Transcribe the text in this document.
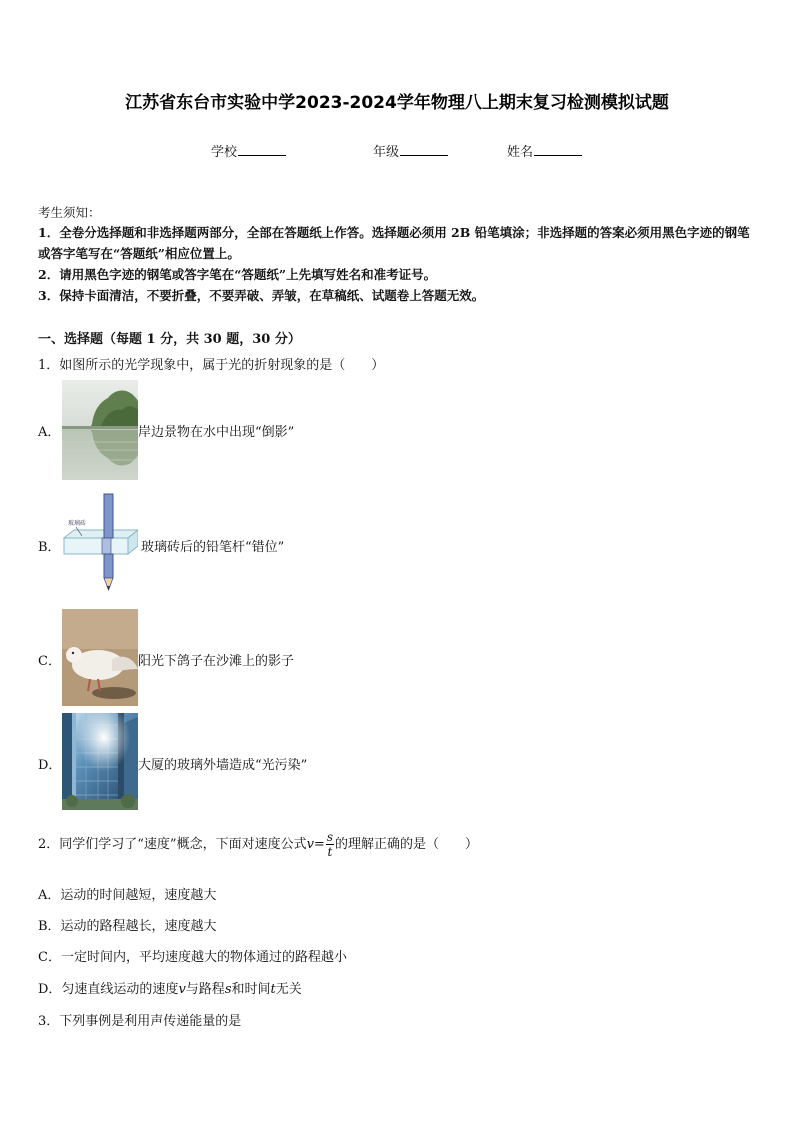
江苏省东台市实验中学2023-2024学年物理八上期末复习检测模拟试题
学校	年级	姓名
考生须知：
1．全卷分选择题和非选择题两部分，全部在答题纸上作答。选择题必须用 2B 铅笔填涂；非选择题的答案必须用黑色字迹的钢笔或答字笔写在“答题纸”相应位置上。
2．请用黑色字迹的钢笔或答字笔在“答题纸”上先填写姓名和准考证号。
3．保持卡面清洁，不要折叠，不要弄破、弄皱，在草稿纸、试题卷上答题无效。
一、选择题（每题 1 分，共 30 题，30 分）
1．如图所示的光学现象中，属于光的折射现象的是（　　）
A．	岸边景物在水中出现“倒影”
B．
玻璃砖
玻璃砖后的铅笔杆“错位”
C．	阳光下鸽子在沙滩上的影子
D．	大厦的玻璃外墙造成“光污染”
2．同学们学习了“速度”概念，下面对速度公式$v= \frac{s}{t}$ 的理解正确的是（　　）
A．运动的时间越短，速度越大
B．运动的路程越长，速度越大
C．一定时间内，平均速度越大的物体通过的路程越小
D．匀速直线运动的速度v与路程s和时间t无关
3．下列事例是利用声传递能量的是
